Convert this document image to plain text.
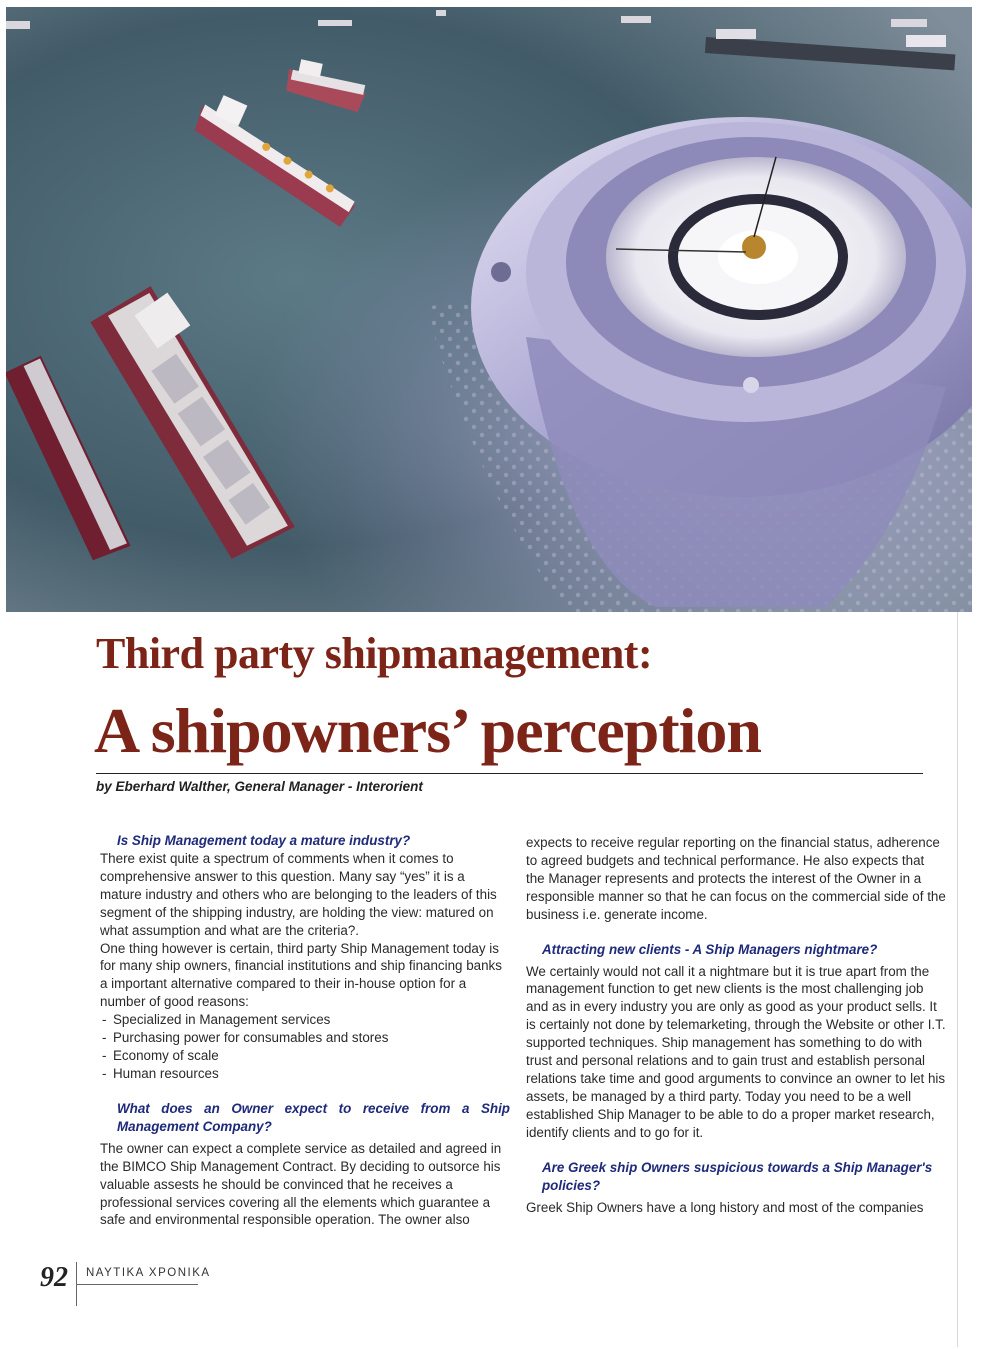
Third party shipmanagement:
A shipowners’ perception
by Eberhard Walther, General Manager - Interorient
Is Ship Management today a mature industry?

There exist quite a spectrum of comments when it comes to comprehensive answer to this question. Many say “yes” it is a mature industry and others who are belonging to the leaders of this segment of the shipping industry, are holding the view: matured on what assumption and what are the criteria?.

One thing however is certain, third party Ship Management today is for many ship owners, financial institutions and ship financing banks a important alternative compared to their in-house option for a number of good reasons:

- Specialized in Management services
- Purchasing power for consumables and stores
- Economy of scale
- Human resources
What does an Owner expect to receive from a Ship Management Company?

The owner can expect a complete service as detailed and agreed in the BIMCO Ship Management Contract. By deciding to outsorce his valuable assests he should be convinced that he receives a professional services covering all the elements which guarantee a safe and environmental responsible operation. The owner also

expects to receive regular reporting on the financial status, adherence to agreed budgets and technical performance. He also expects that the Manager represents and protects the interest of the Owner in a responsible manner so that he can focus on the commercial side of the business i.e. generate income.

Attracting new clients - A Ship Managers nightmare?

We certainly would not call it a nightmare but it is true apart from the management function to get new clients is the most challenging job and as in every industry you are only as good as your product sells. It is certainly not done by telemarketing, through the Website or other I.T. supported techniques. Ship management has something to do with trust and personal relations and to gain trust and establish personal relations take time and good arguments to convince an owner to let his assets, be managed by a third party. Today you need to be a well established Ship Manager to be able to do a proper market research, identify clients and to go for it.

Are Greek ship Owners suspicious towards a Ship Manager's policies?

Greek Ship Owners have a long history and most of the companies

92 ΝΑΥΤΙΚΑ ΧΡΟΝΙΚΑ
